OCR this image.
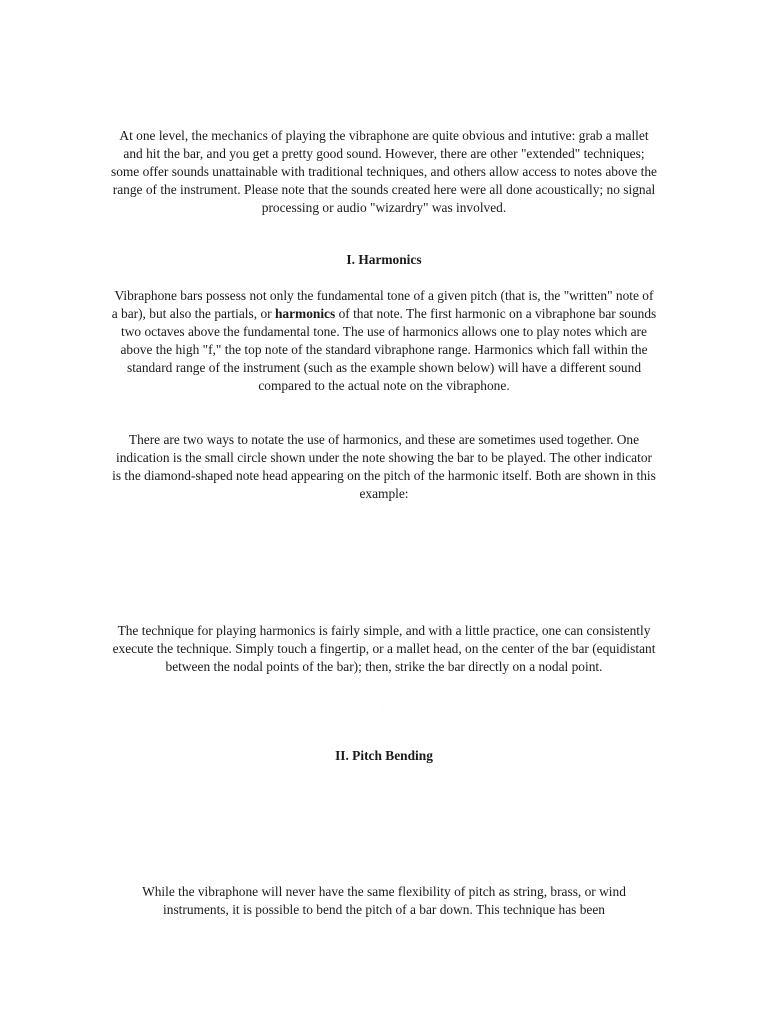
At one level, the mechanics of playing the vibraphone are quite obvious and intutive: grab a mallet and hit the bar, and you get a pretty good sound. However, there are other "extended" techniques; some offer sounds unattainable with traditional techniques, and others allow access to notes above the range of the instrument. Please note that the sounds created here were all done acoustically; no signal processing or audio "wizardry" was involved.

I. Harmonics

Vibraphone bars possess not only the fundamental tone of a given pitch (that is, the "written" note of a bar), but also the partials, or harmonics of that note. The first harmonic on a vibraphone bar sounds two octaves above the fundamental tone. The use of harmonics allows one to play notes which are above the high "f," the top note of the standard vibraphone range. Harmonics which fall within the standard range of the instrument (such as the example shown below) will have a different sound compared to the actual note on the vibraphone.

There are two ways to notate the use of harmonics, and these are sometimes used together. One indication is the small circle shown under the note showing the bar to be played. The other indicator is the diamond-shaped note head appearing on the pitch of the harmonic itself. Both are shown in this example:

The technique for playing harmonics is fairly simple, and with a little practice, one can consistently execute the technique. Simply touch a fingertip, or a mallet head, on the center of the bar (equidistant between the nodal points of the bar); then, strike the bar directly on a nodal point.

.
II. Pitch Bending

While the vibraphone will never have the same flexibility of pitch as string, brass, or wind instruments, it is possible to bend the pitch of a bar down. This technique has been
